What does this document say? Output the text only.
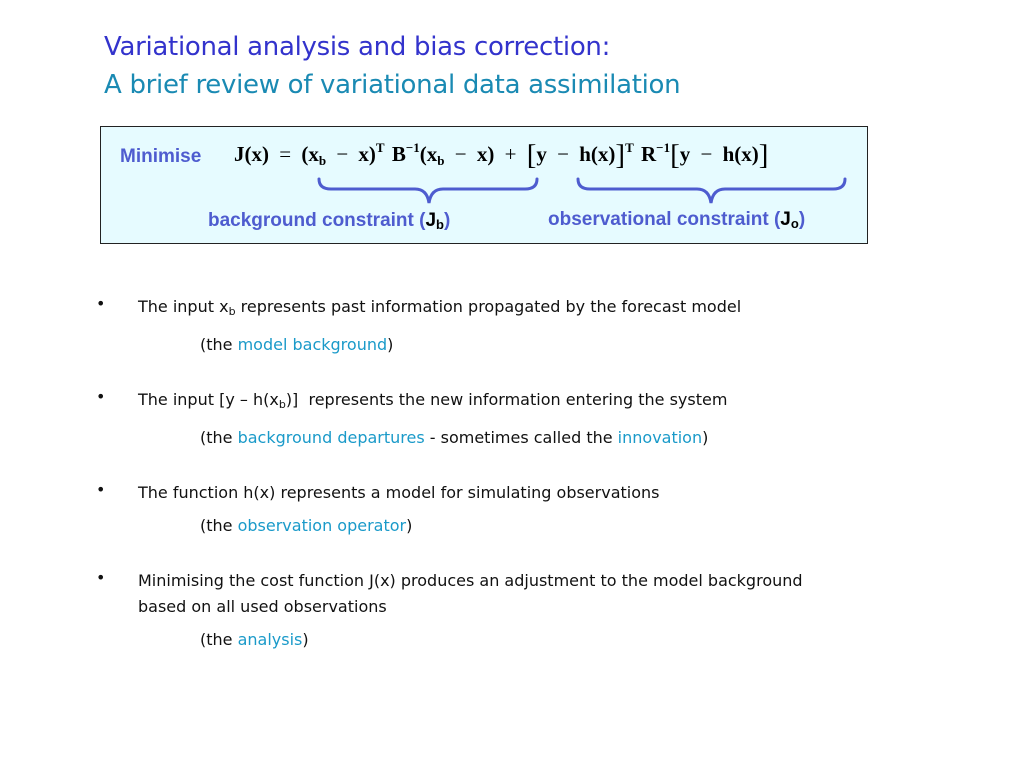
Variational analysis and bias correction:
A brief review of variational data assimilation
Minimise $J(x) = (x_b - x)^T$ $B^{-1}(x_b - x) + [y - h(x)]^T$ $R^{-1}[y - h(x)]$
background constraint $(J_b)$	observational constraint $(J_o)$
• The input $x_b$ represents past information propagated by the forecast model
(the model background)
• The input $[y - h(x_b)]$  represents the new information entering the system
(the background departures - sometimes called the innovation)
• The function h(x) represents a model for simulating observations
(the observation operator)
• Minimising the cost function J(x) produces an adjustment to the model background
based on all used observations
(the analysis)
